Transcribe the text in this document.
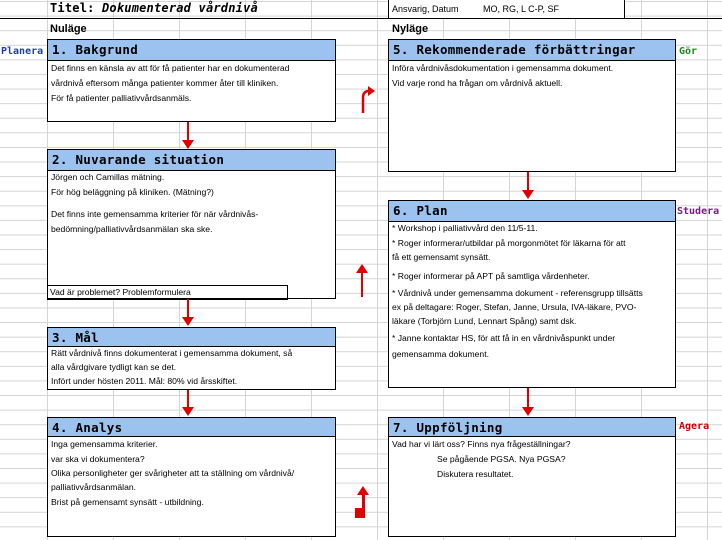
Titel: Dokumenterad vårdnivå	Ansvarig, Datum	MO, RG, L C-P, SF
Nuläge	Nyläge
Planera	Gör
Studera
Agera
1. Bakgrund
Det finns en känsla av att för få patienter har en dokumenterad
vårdnivå eftersom många patienter kommer åter till kliniken.
För få patienter palliativvårdsanmäls.
2. Nuvarande situation
Jörgen och Camillas mätning.
För hög beläggning på kliniken. (Mätning?)
Det finns inte gemensamma kriterier för när vårdnivås-
bedömning/palliativvårdsanmälan ska ske.
Vad är problemet? Problemformulera
3. Mål
Rätt vårdnivå finns dokumenterat i gemensamma dokument, så
alla vårdgivare tydligt kan se det.
Infört under hösten 2011. Mål: 80% vid årsskiftet.
4. Analys
Inga gemensamma kriterier.
var ska vi dokumentera?
Olika personligheter ger svårigheter att ta ställning om vårdnivå/
palliativvårdsanmälan.
Brist på gemensamt synsätt - utbildning.
5. Rekommenderade förbättringar
Införa vårdnivåsdokumentation i gemensamma dokument.
Vid varje rond ha frågan om vårdnivå aktuell.
6. Plan
* Workshop i palliativvård den 11/5-11.
* Roger informerar/utbildar på morgonmötet för läkarna för att
få ett gemensamt synsätt.
* Roger informerar på APT på samtliga vårdenheter.
* Vårdnivå under gemensamma dokument - referensgrupp tillsätts
ex på deltagare: Roger, Stefan, Janne, Ursula, IVA-läkare, PVO-
läkare (Torbjörn Lund, Lennart Spång) samt dsk.
* Janne kontaktar HS, för att få in en vårdnivåspunkt under
gemensamma dokument.
7. Uppföljning
Vad har vi lärt oss? Finns nya frågeställningar?
Se pågående PGSA. Nya PGSA?
Diskutera resultatet.
